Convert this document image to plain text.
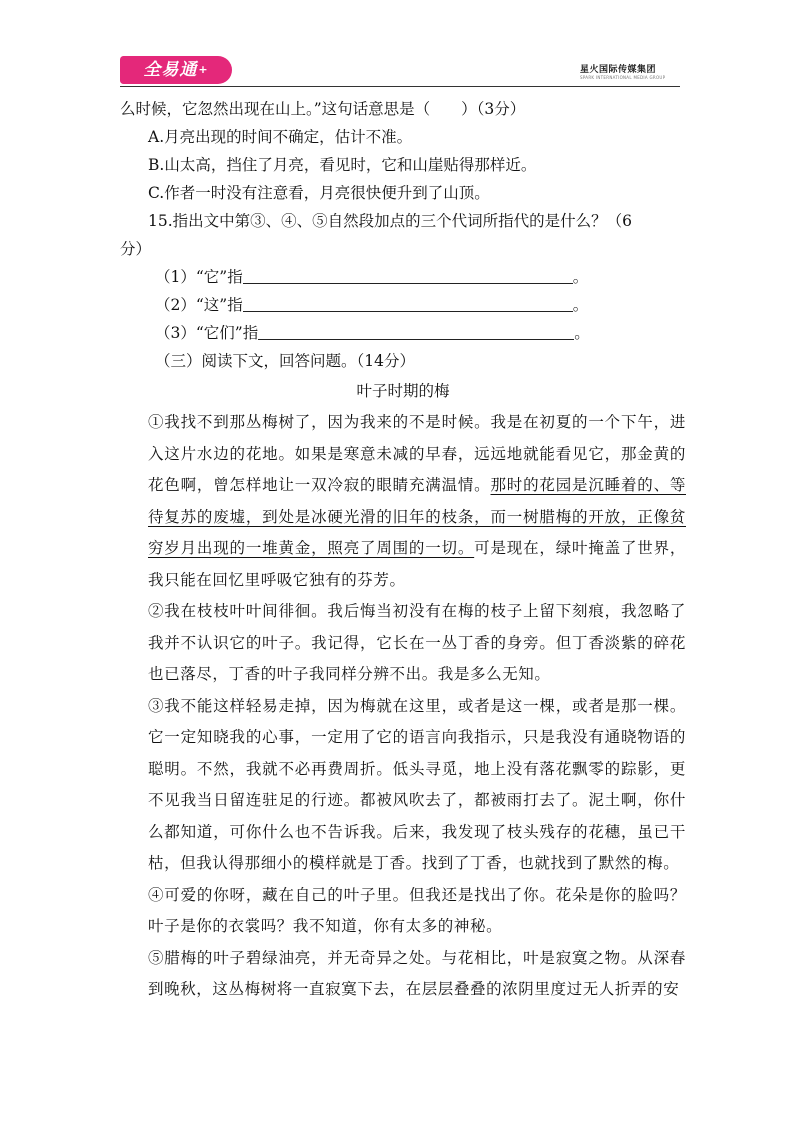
全易通+	星火国际传媒集团
SPARK INTERNATIONAL MEDIA GROUP
么时候，它忽然出现在山上。”这句话意思是（　　）（3分）
A.月亮出现的时间不确定，估计不准。
B.山太高，挡住了月亮，看见时，它和山崖贴得那样近。
C.作者一时没有注意看，月亮很快便升到了山顶。
15.指出文中第③、④、⑤自然段加点的三个代词所指代的是什么？（6
分）
（1）“它”指	。
（2）“这”指	。
（3）“它们”指	。
（三）阅读下文，回答问题。（14分）
叶子时期的梅

①我找不到那丛梅树了，因为我来的不是时候。我是在初夏的一个下午，进入这片水边的花地。如果是寒意未减的早春，远远地就能看见它，那金黄的花色啊，曾怎样地让一双冷寂的眼睛充满温情。那时的花园是沉睡着的、等待复苏的废墟，到处是冰硬光滑的旧年的枝条，而一树腊梅的开放，正像贫穷岁月出现的一堆黄金，照亮了周围的一切。可是现在，绿叶掩盖了世界，我只能在回忆里呼吸它独有的芬芳。

②我在枝枝叶叶间徘徊。我后悔当初没有在梅的枝子上留下刻痕，我忽略了我并不认识它的叶子。我记得，它长在一丛丁香的身旁。但丁香淡紫的碎花也已落尽，丁香的叶子我同样分辨不出。我是多么无知。

③我不能这样轻易走掉，因为梅就在这里，或者是这一棵，或者是那一棵。它一定知晓我的心事，一定用了它的语言向我指示，只是我没有通晓物语的聪明。不然，我就不必再费周折。低头寻觅，地上没有落花飘零的踪影，更不见我当日留连驻足的行迹。都被风吹去了，都被雨打去了。泥土啊，你什么都知道，可你什么也不告诉我。后来，我发现了枝头残存的花穗，虽已干枯，但我认得那细小的模样就是丁香。找到了丁香，也就找到了默然的梅。

④可爱的你呀，藏在自己的叶子里。但我还是找出了你。花朵是你的脸吗？叶子是你的衣裳吗？我不知道，你有太多的神秘。

⑤腊梅的叶子碧绿油亮，并无奇异之处。与花相比，叶是寂寞之物。从深春到晚秋，这丛梅树将一直寂寞下去，在层层叠叠的浓阴里度过无人折弄的安
